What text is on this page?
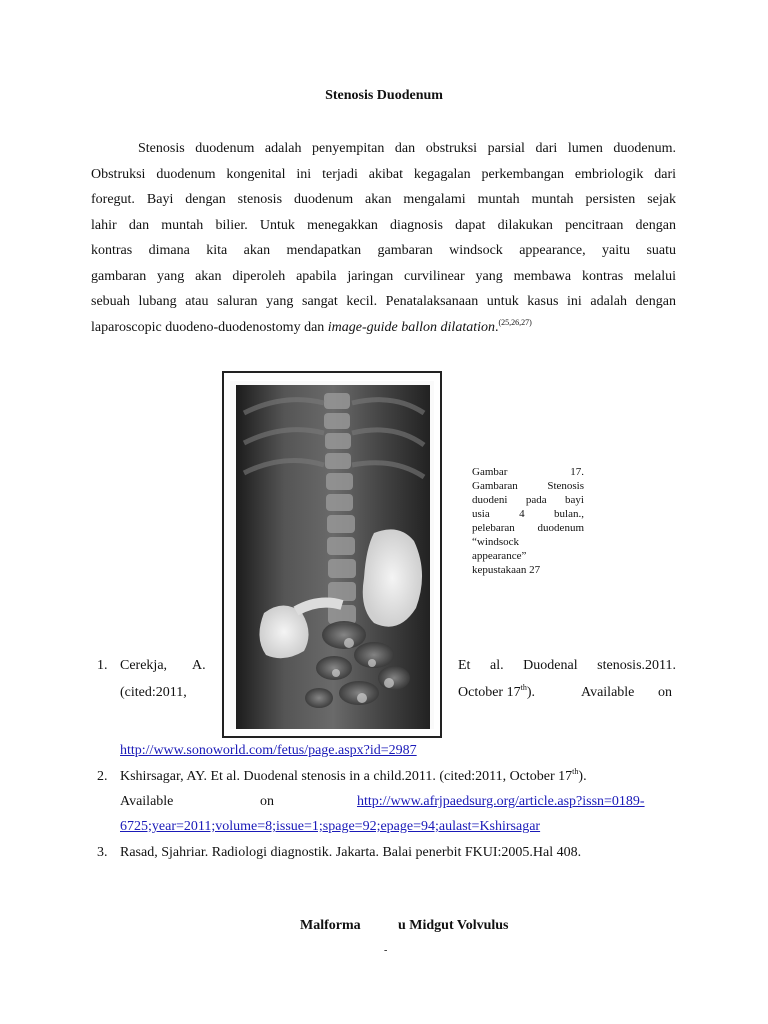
Stenosis Duodenum
Stenosis duodenum adalah penyempitan dan obstruksi parsial dari lumen duodenum.
Obstruksi duodenum kongenital ini terjadi akibat kegagalan perkembangan embriologik dari
foregut. Bayi dengan stenosis duodenum akan mengalami muntah muntah persisten sejak
lahir dan muntah bilier. Untuk menegakkan diagnosis dapat dilakukan pencitraan dengan
kontras dimana kita akan mendapatkan gambaran windsock appearance, yaitu suatu
gambaran yang akan diperoleh apabila jaringan curvilinear yang membawa kontras melalui
sebuah lubang atau saluran yang sangat kecil. Penatalaksanaan untuk kasus ini adalah dengan
laparoscopic duodeno-duodenostomy dan image-guide ballon dilatation.$^{(25,26,27)}$
Gambar 17.
Gambaran Stenosis
duodeni pada bayi
usia 4 bulan.,
pelebaran duodenum
“windsock
appearance”
kepustakaan 27
1. Cerekja, A.
(cited:2011,
Et al. Duodenal stenosis.2011.
October 17th).	Available on
http://www.sonoworld.com/fetus/page.aspx?id=2987
2. Kshirsagar, AY. Et al. Duodenal stenosis in a child.2011. (cited:2011, October 17th).
Available	on	http://www.afrjpaedsurg.org/article.asp?issn=0189-
6725;year=2011;volume=8;issue=1;spage=92;epage=94;aulast=Kshirsagar
3. Rasad, Sjahriar. Radiologi diagnostik. Jakarta. Balai penerbit FKUI:2005.Hal 408.
Malforma	u Midgut Volvulus
-
